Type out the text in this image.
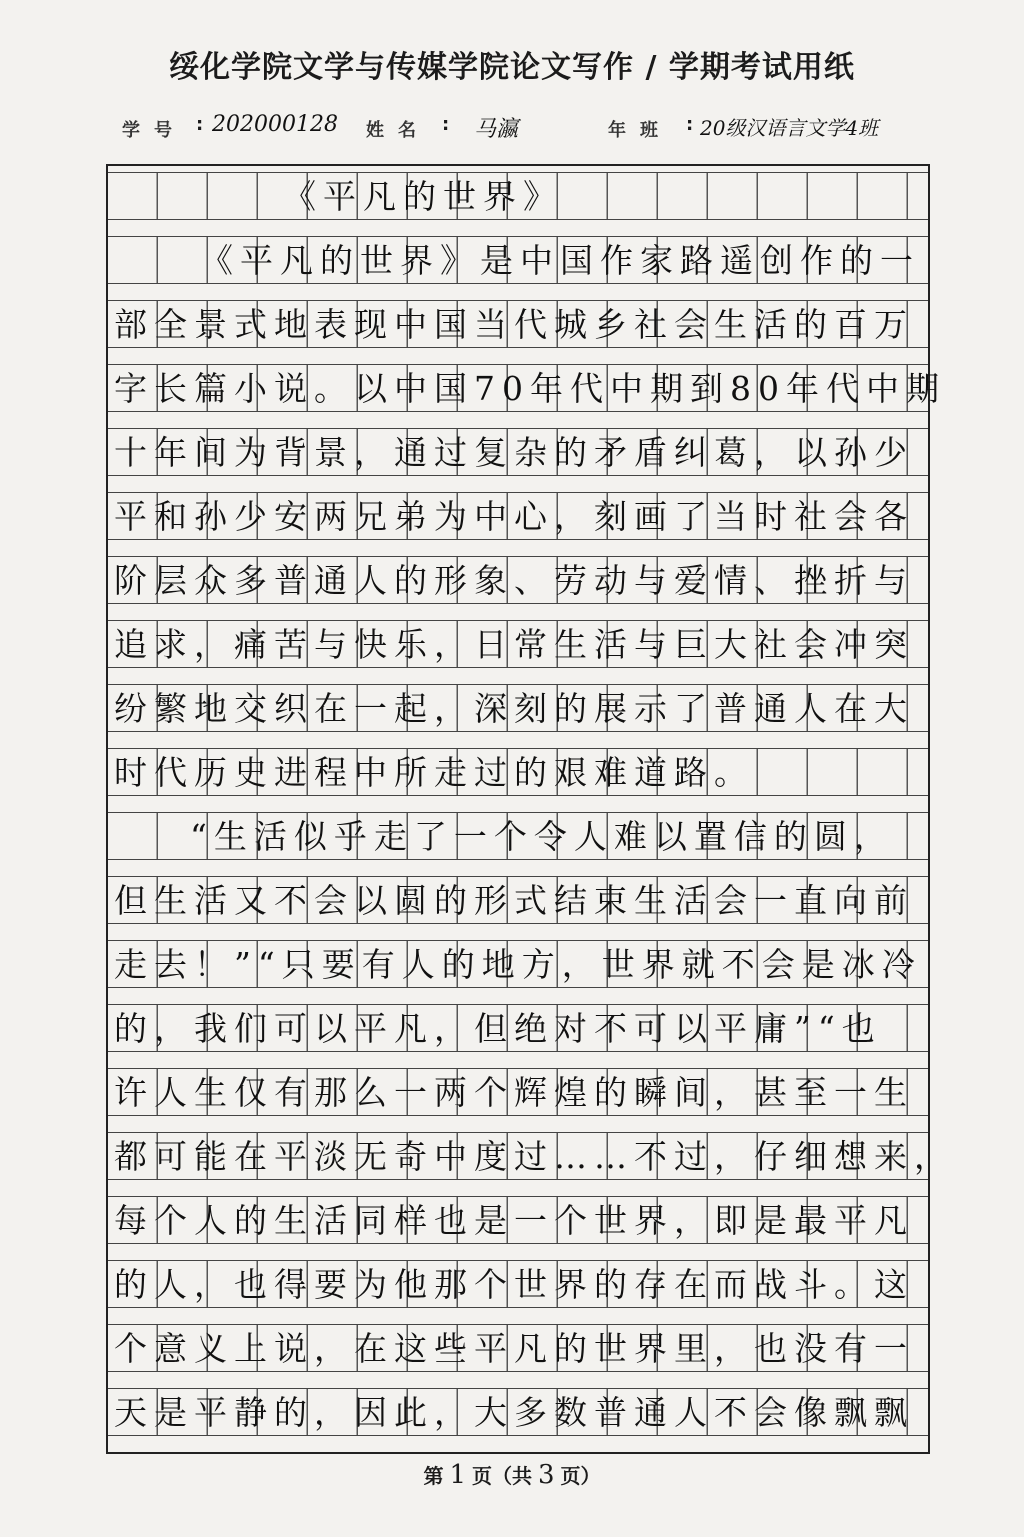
绥化学院文学与传媒学院论文写作 / 学期考试用纸
学号 : 202000128 姓名 : 马瀛	年班 : 20级汉语言文学4班
《平凡的世界》
《平凡的世界》是中国作家路遥创作的一
部全景式地表现中国当代城乡社会生活的百万
字长篇小说。以中国70年代中期到80年代中期
十年间为背景，通过复杂的矛盾纠葛，以孙少
平和孙少安两兄弟为中心，刻画了当时社会各
阶层众多普通人的形象、劳动与爱情、挫折与
追求，痛苦与快乐，日常生活与巨大社会冲突
纷繁地交织在一起，深刻的展示了普通人在大
时代历史进程中所走过的艰难道路。
“生活似乎走了一个令人难以置信的圆，
但生活又不会以圆的形式结束生活会一直向前
走去！”“只要有人的地方，世界就不会是冰冷
的，我们可以平凡，但绝对不可以平庸”“也
许人生仅有那么一两个辉煌的瞬间，甚至一生
都可能在平淡无奇中度过……不过，仔细想来，
每个人的生活同样也是一个世界，即是最平凡
的人，也得要为他那个世界的存在而战斗。这
个意义上说，在这些平凡的世界里，也没有一
天是平静的，因此，大多数普通人不会像飘飘
第 1 页（共 3 页）
